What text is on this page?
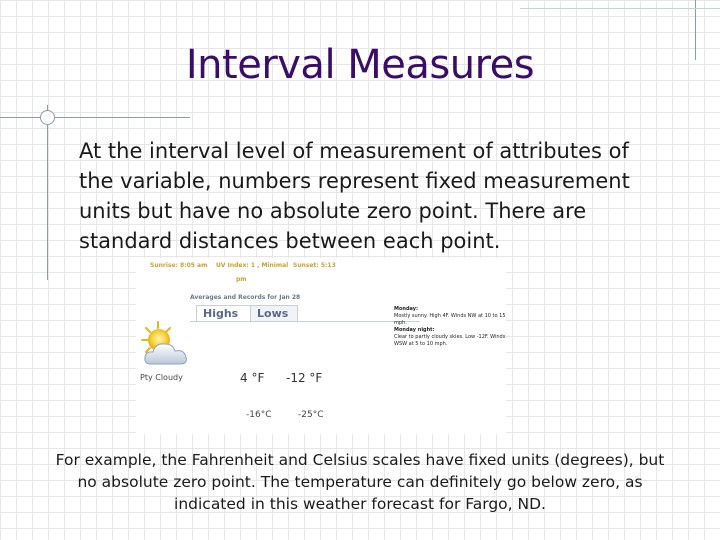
Interval Measures
At the interval level of measurement of attributes of the variable, numbers represent fixed measurement units but have no absolute zero point. There are standard distances between each point.
Sunrise: 8:05 am UV Index: 1 , Minimal Sunset: 5:13
pm
Averages and Records for Jan 28
Highs	Lows
Pty Cloudy	4 °F -12 °F
-16°C	-25°C
Monday:
Mostly sunny. High 4F. Winds NW at 10 to 15 mph.
Monday night:
Clear to partly cloudy skies. Low -12F. Winds WSW at 5 to 10 mph.
For example, the Fahrenheit and Celsius scales have fixed units (degrees), but no absolute zero point. The temperature can definitely go below zero, as indicated in this weather forecast for Fargo, ND.
